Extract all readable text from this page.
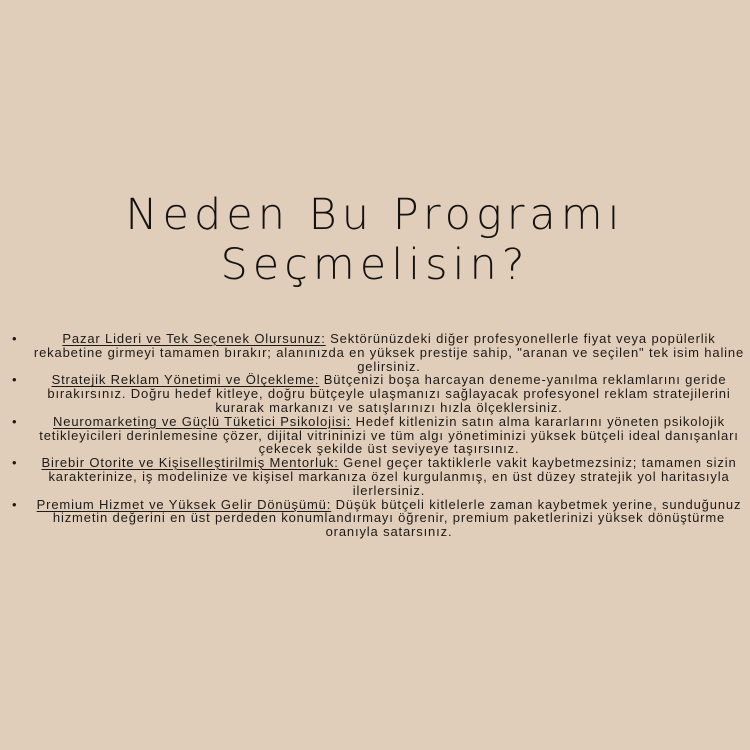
Neden Bu Programı
Seçmelisin?
•	Pazar Lideri ve Tek Seçenek Olursunuz: Sektörünüzdeki diğer profesyonellerle fiyat veya popülerlik rekabetine girmeyi tamamen bırakır; alanınızda en yüksek prestije sahip, "aranan ve seçilen" tek isim haline gelirsiniz.
•	Stratejik Reklam Yönetimi ve Ölçekleme: Bütçenizi boşa harcayan deneme-yanılma reklamlarını geride bırakırsınız. Doğru hedef kitleye, doğru bütçeyle ulaşmanızı sağlayacak profesyonel reklam stratejilerini kurarak markanızı ve satışlarınızı hızla ölçeklersiniz.
•	Neuromarketing ve Güçlü Tüketici Psikolojisi: Hedef kitlenizin satın alma kararlarını yöneten psikolojik tetikleyicileri derinlemesine çözer, dijital vitrininizi ve tüm algı yönetiminizi yüksek bütçeli ideal danışanları çekecek şekilde üst seviyeye taşırsınız.
• Birebir Otorite ve Kişiselleştirilmiş Mentorluk: Genel geçer taktiklerle vakit kaybetmezsiniz; tamamen sizin karakterinize, iş modelinize ve kişisel markanıza özel kurgulanmış, en üst düzey stratejik yol haritasıyla ilerlersiniz.
• Premium Hizmet ve Yüksek Gelir Dönüşümü: Düşük bütçeli kitlelerle zaman kaybetmek yerine, sunduğunuz hizmetin değerini en üst perdeden konumlandırmayı öğrenir, premium paketlerinizi yüksek dönüştürme oranıyla satarsınız.
